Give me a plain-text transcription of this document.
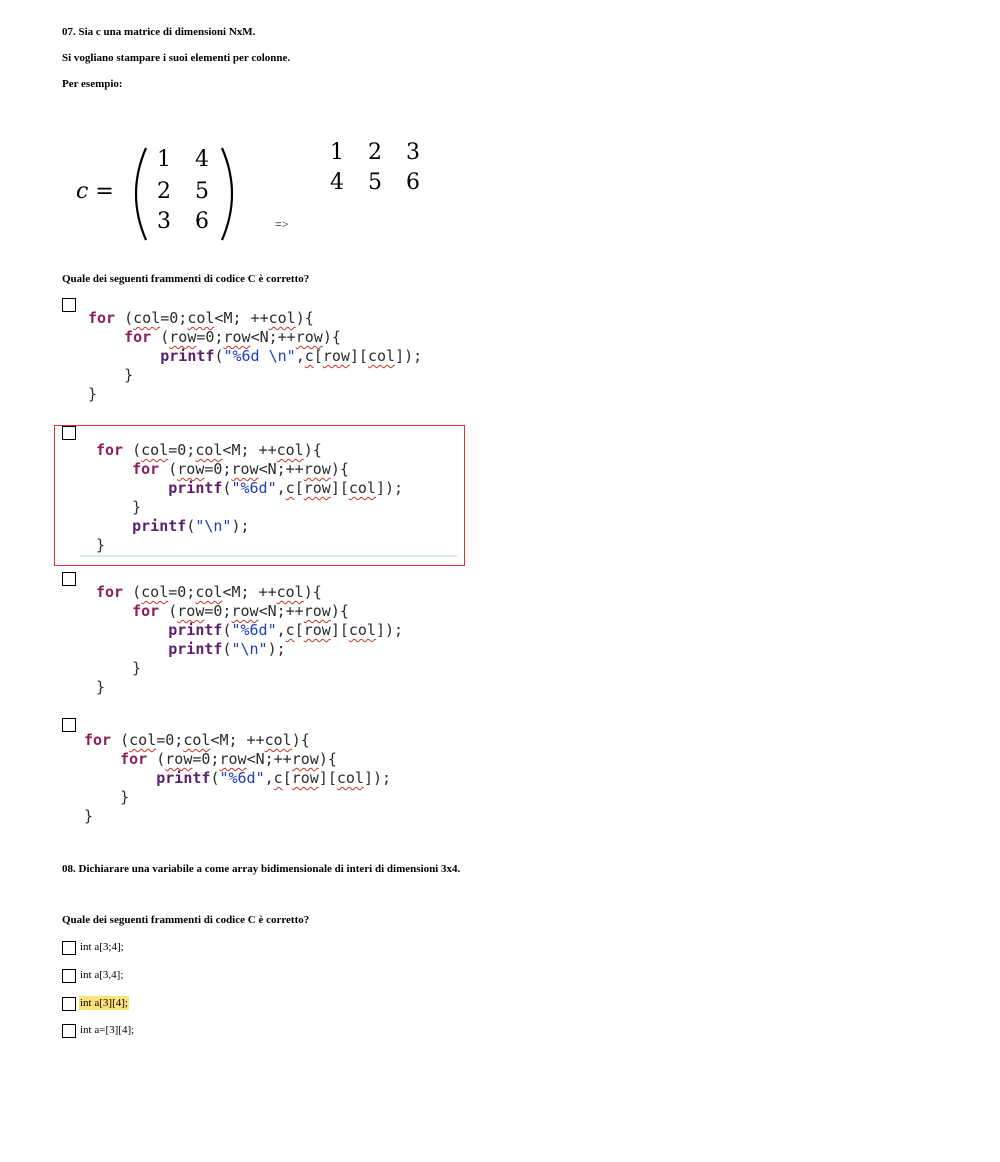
07. Sia c una matrice di dimensioni NxM.
Si vogliano stampare i suoi elementi per colonne.
Per esempio:
c =
1 4
2 5
3 6	=>
1 2 3
4 5 6
Quale dei seguenti frammenti di codice C è corretto?
for (col=0;col<M; ++col){
for (row=0;row<N;++row){
printf("%6d \n",c[row][col]);
}
}
for (col=0;col<M; ++col){
for (row=0;row<N;++row){
printf("%6d",c[row][col]);
}
printf("\n");
}
for (col=0;col<M; ++col){
for (row=0;row<N;++row){
printf("%6d",c[row][col]);
printf("\n");
}
}
for (col=0;col<M; ++col){
for (row=0;row<N;++row){
printf("%6d",c[row][col]);
}
}
08. Dichiarare una variabile a come array bidimensionale di interi di dimensioni 3x4.
Quale dei seguenti frammenti di codice C è corretto?
int a[3;4];
int a[3,4];
int a[3][4];
int a=[3][4];
